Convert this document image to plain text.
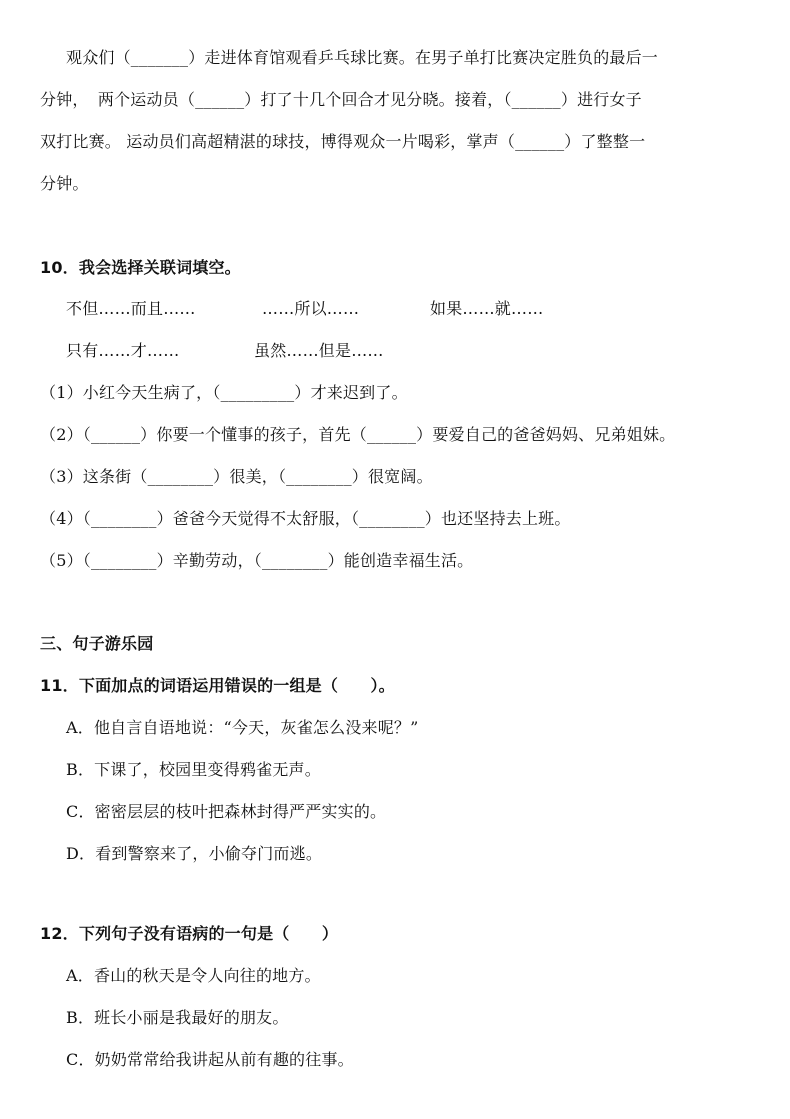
观众们（_______）走进体育馆观看乒乓球比赛。在男子单打比赛决定胜负的最后一
分钟， 两个运动员（______）打了十几个回合才见分晓。接着，（______）进行女子
双打比赛。 运动员们高超精湛的球技，博得观众一片喝彩，掌声（______）了整整一
分钟。
10．我会选择关联词填空。
不但……而且……	……所以……	如果……就……
只有……才……	虽然……但是……
（1）小红今天生病了，（_________）才来迟到了。
（2）（______）你要一个懂事的孩子，首先（______）要爱自己的爸爸妈妈、兄弟姐妹。
（3）这条街（________）很美，（________）很宽阔。
（4）（________）爸爸今天觉得不太舒服，（________）也还坚持去上班。
（5）（________）辛勤劳动，（________）能创造幸福生活。
三、句子游乐园
11．下面加点的词语运用错误的一组是（　　）。
A．他自言自语地说：“今天，灰雀怎么没来呢？”
B．下课了，校园里变得鸦雀无声。
C．密密层层的枝叶把森林封得严严实实的。
D．看到警察来了，小偷夺门而逃。
12．下列句子没有语病的一句是（　　）
A．香山的秋天是令人向往的地方。
B．班长小丽是我最好的朋友。
C．奶奶常常给我讲起从前有趣的往事。
